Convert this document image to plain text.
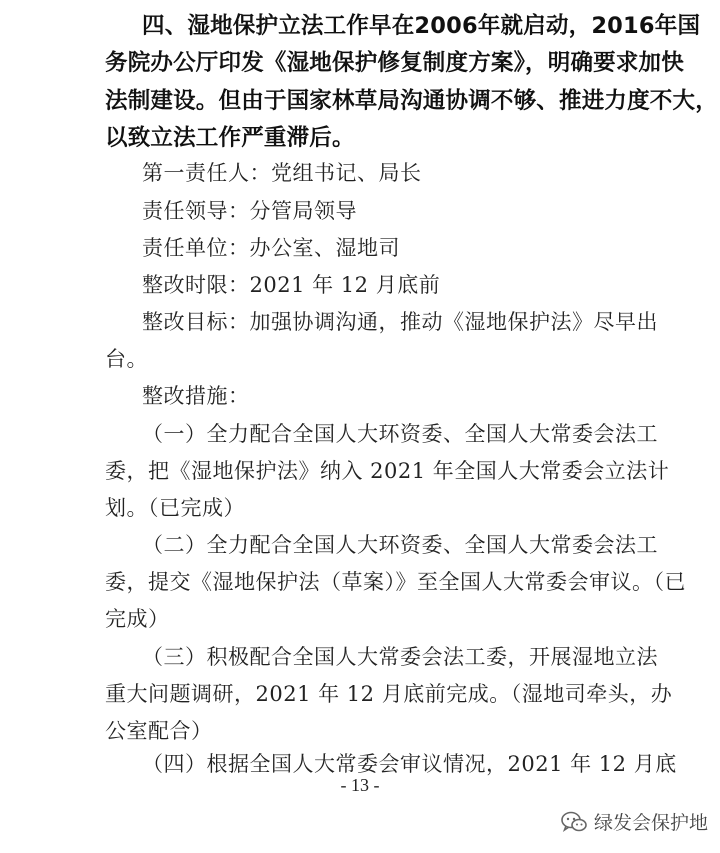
四、湿地保护立法工作早在2006年就启动，2016年国
务院办公厅印发《湿地保护修复制度方案》，明确要求加快
法制建设。但由于国家林草局沟通协调不够、推进力度不大，
以致立法工作严重滞后。
第一责任人：党组书记、局长
责任领导：分管局领导
责任单位：办公室、湿地司
整改时限：2021 年 12 月底前
整改目标：加强协调沟通，推动《湿地保护法》尽早出
台。
整改措施：
（一）全力配合全国人大环资委、全国人大常委会法工
委，把《湿地保护法》纳入 2021 年全国人大常委会立法计
划。（已完成）
（二）全力配合全国人大环资委、全国人大常委会法工
委，提交《湿地保护法（草案）》至全国人大常委会审议。（已
完成）
（三）积极配合全国人大常委会法工委，开展湿地立法
重大问题调研，2021 年 12 月底前完成。（湿地司牵头，办
公室配合）
（四）根据全国人大常委会审议情况，2021 年 12 月底
- 13 -
绿发会保护地
